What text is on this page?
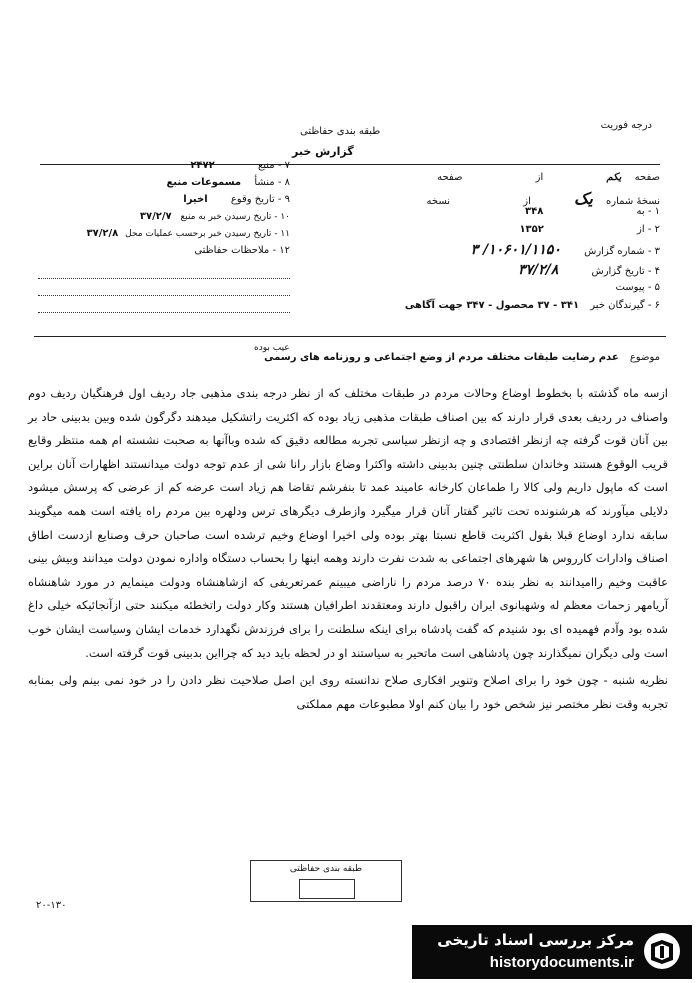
درجه فوریت
طبقه بندی حفاظتی
گزارش خبر
صفحه یکم از صفحه
نسخهٔ شماره یک از نسخه
۱ - به ۳۴۸
۲ - از ۱۳۵۲
۳ - شماره گزارش ۱۰۶۰۱/۱۱۵۰/ ۳
۴ - تاریخ گزارش ۳۷/۲/۸
۵ - پیوست
۶ - گیرندگان خبر ۳۴۱ - ۳۷ محصول - ۳۴۷ جهت آگاهی
۷ - منبع ۲۴۷۲
۸ - منشأ مسموعات منبع
۹ - تاریخ وقوع اخیرا
۱۰ - تاریخ رسیدن خبر به منبع ۳۷/۲/۷
۱۱ - تاریخ رسیدن خبر برحسب عملیات محل ۳۷/۲/۸
۱۲ - ملاحظات حفاظتی
موضوع عدم رضایت طبقات مختلف مردم از وضع اجتماعی و روزنامه های رسمی
عیب بوده

ازسه ماه گذشته با بخطوط اوضاع وحالات مردم در طبقات مختلف که از نظر درجه بندی مذهبی جاد ردیف اول فرهنگیان ردیف دوم واصناف در ردیف بعدی قرار دارند که بین اصناف طبقات مذهبی زیاد بوده که اکثریت راتشکیل میدهند دگرگون شده وبین بدبینی حاد بر بین آنان قوت گرفته چه ازنظر اقتصادی و چه ازنظر سیاسی تجربه مطالعه دقیق که شده وباآنها به صحبت نشسته ام همه منتظر وقایع قریب الوقوع هستند وخاندان سلطنتی چنین بدبینی داشته واکثرا وضاع بازار رانا شی از عدم توجه دولت میدانستند اظهارات آنان براین است که ماپول داریم ولی کالا را طماعان کارخانه عامیند عمد تا بنفرشم تقاضا هم زیاد است عرضه کم از عرضی که پرسش میشود دلایلی میآورند که هرشنونده تحت تاثیر گفتار آنان قرار میگیرد وازطرف دیگرهای ترس ودلهره بین مردم راه یافته است همه میگویند سابقه ندارد اوضاع قبلا بقول اکثریت قاطع نسبتا بهتر بوده ولی اخیرا اوضاع وخیم ترشده است صاحبان حرف وصنایع ازدست اطاق اصناف وادارات کارروس ها شهرهای اجتماعی به شدت نفرت دارند وهمه اینها را بحساب دستگاه واداره نمودن دولت میدانند وبیش بینی عاقبت وخیم راامیدانند به نظر بنده ۷۰ درصد مردم را ناراضی میبینم عمرتعریفی که ازشاهنشاه ودولت مینمایم در مورد شاهنشاه آریامهر زحمات معظم له وشهبانوی ایران راقبول دارند ومعتقدند اطرافیان هستند وکار دولت راتخطئه میکنند حتی ازآنجائیکه خیلی داغ شده بود وآدم فهمیده ای بود شنیدم که گفت پادشاه برای اینکه سلطنت را برای فرزندش نگهدارد خدمات ایشان وسیاست ایشان خوب است ولی دیگران نمیگذارند چون پادشاهی است ماتحیر به سیاستند او در لحظه باید دید که چرااین بدبینی قوت گرفته است.

نظریه شنبه - چون خود را برای اصلاح وتنویر افکاری صلاح ندانسته روی این اصل صلاحیت نظر دادن را در خود نمی بینم ولی بمنابه تجربه وقت نظر مختصر نیز شخص خود را بیان کنم اولا مطبوعات مهم مملکتی

طبقه بندی حفاظتی
۲۰-۱۳۰
مرکز بررسی اسناد تاریخی
historydocuments.ir
